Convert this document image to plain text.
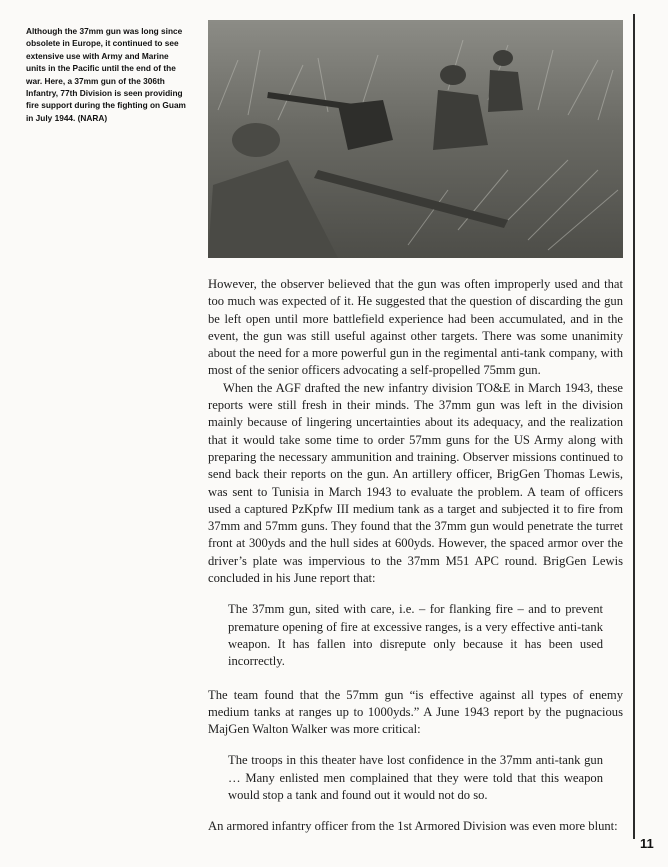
Although the 37mm gun was long since obsolete in Europe, it continued to see extensive use with Army and Marine units in the Pacific until the end of the war. Here, a 37mm gun of the 306th Infantry, 77th Division is seen providing fire support during the fighting on Guam in July 1944. (NARA)

However, the observer believed that the gun was often improperly used and that too much was expected of it. He suggested that the question of discarding the gun be left open until more battlefield experience had been accumulated, and in the event, the gun was still useful against other targets. There was some unanimity about the need for a more powerful gun in the regimental anti-tank company, with most of the senior officers advocating a self-propelled 75mm gun.

When the AGF drafted the new infantry division TO&E in March 1943, these reports were still fresh in their minds. The 37mm gun was left in the division mainly because of lingering uncertainties about its adequacy, and the realization that it would take some time to order 57mm guns for the US Army along with preparing the necessary ammunition and training. Observer missions continued to send back their reports on the gun. An artillery officer, BrigGen Thomas Lewis, was sent to Tunisia in March 1943 to evaluate the problem. A team of officers used a captured PzKpfw III medium tank as a target and subjected it to fire from 37mm and 57mm guns. They found that the 37mm gun would penetrate the turret front at 300yds and the hull sides at 600yds. However, the spaced armor over the driver’s plate was impervious to the 37mm M51 APC round. BrigGen Lewis concluded in his June report that:

The 37mm gun, sited with care, i.e. – for flanking fire – and to prevent premature opening of fire at excessive ranges, is a very effective anti-tank weapon. It has fallen into disrepute only because it has been used incorrectly.

The team found that the 57mm gun “is effective against all types of enemy medium tanks at ranges up to 1000yds.” A June 1943 report by the pugnacious MajGen Walton Walker was more critical:

The troops in this theater have lost confidence in the 37mm anti-tank gun … Many enlisted men complained that they were told that this weapon would stop a tank and found out it would not do so.

An armored infantry officer from the 1st Armored Division was even more blunt:

11
